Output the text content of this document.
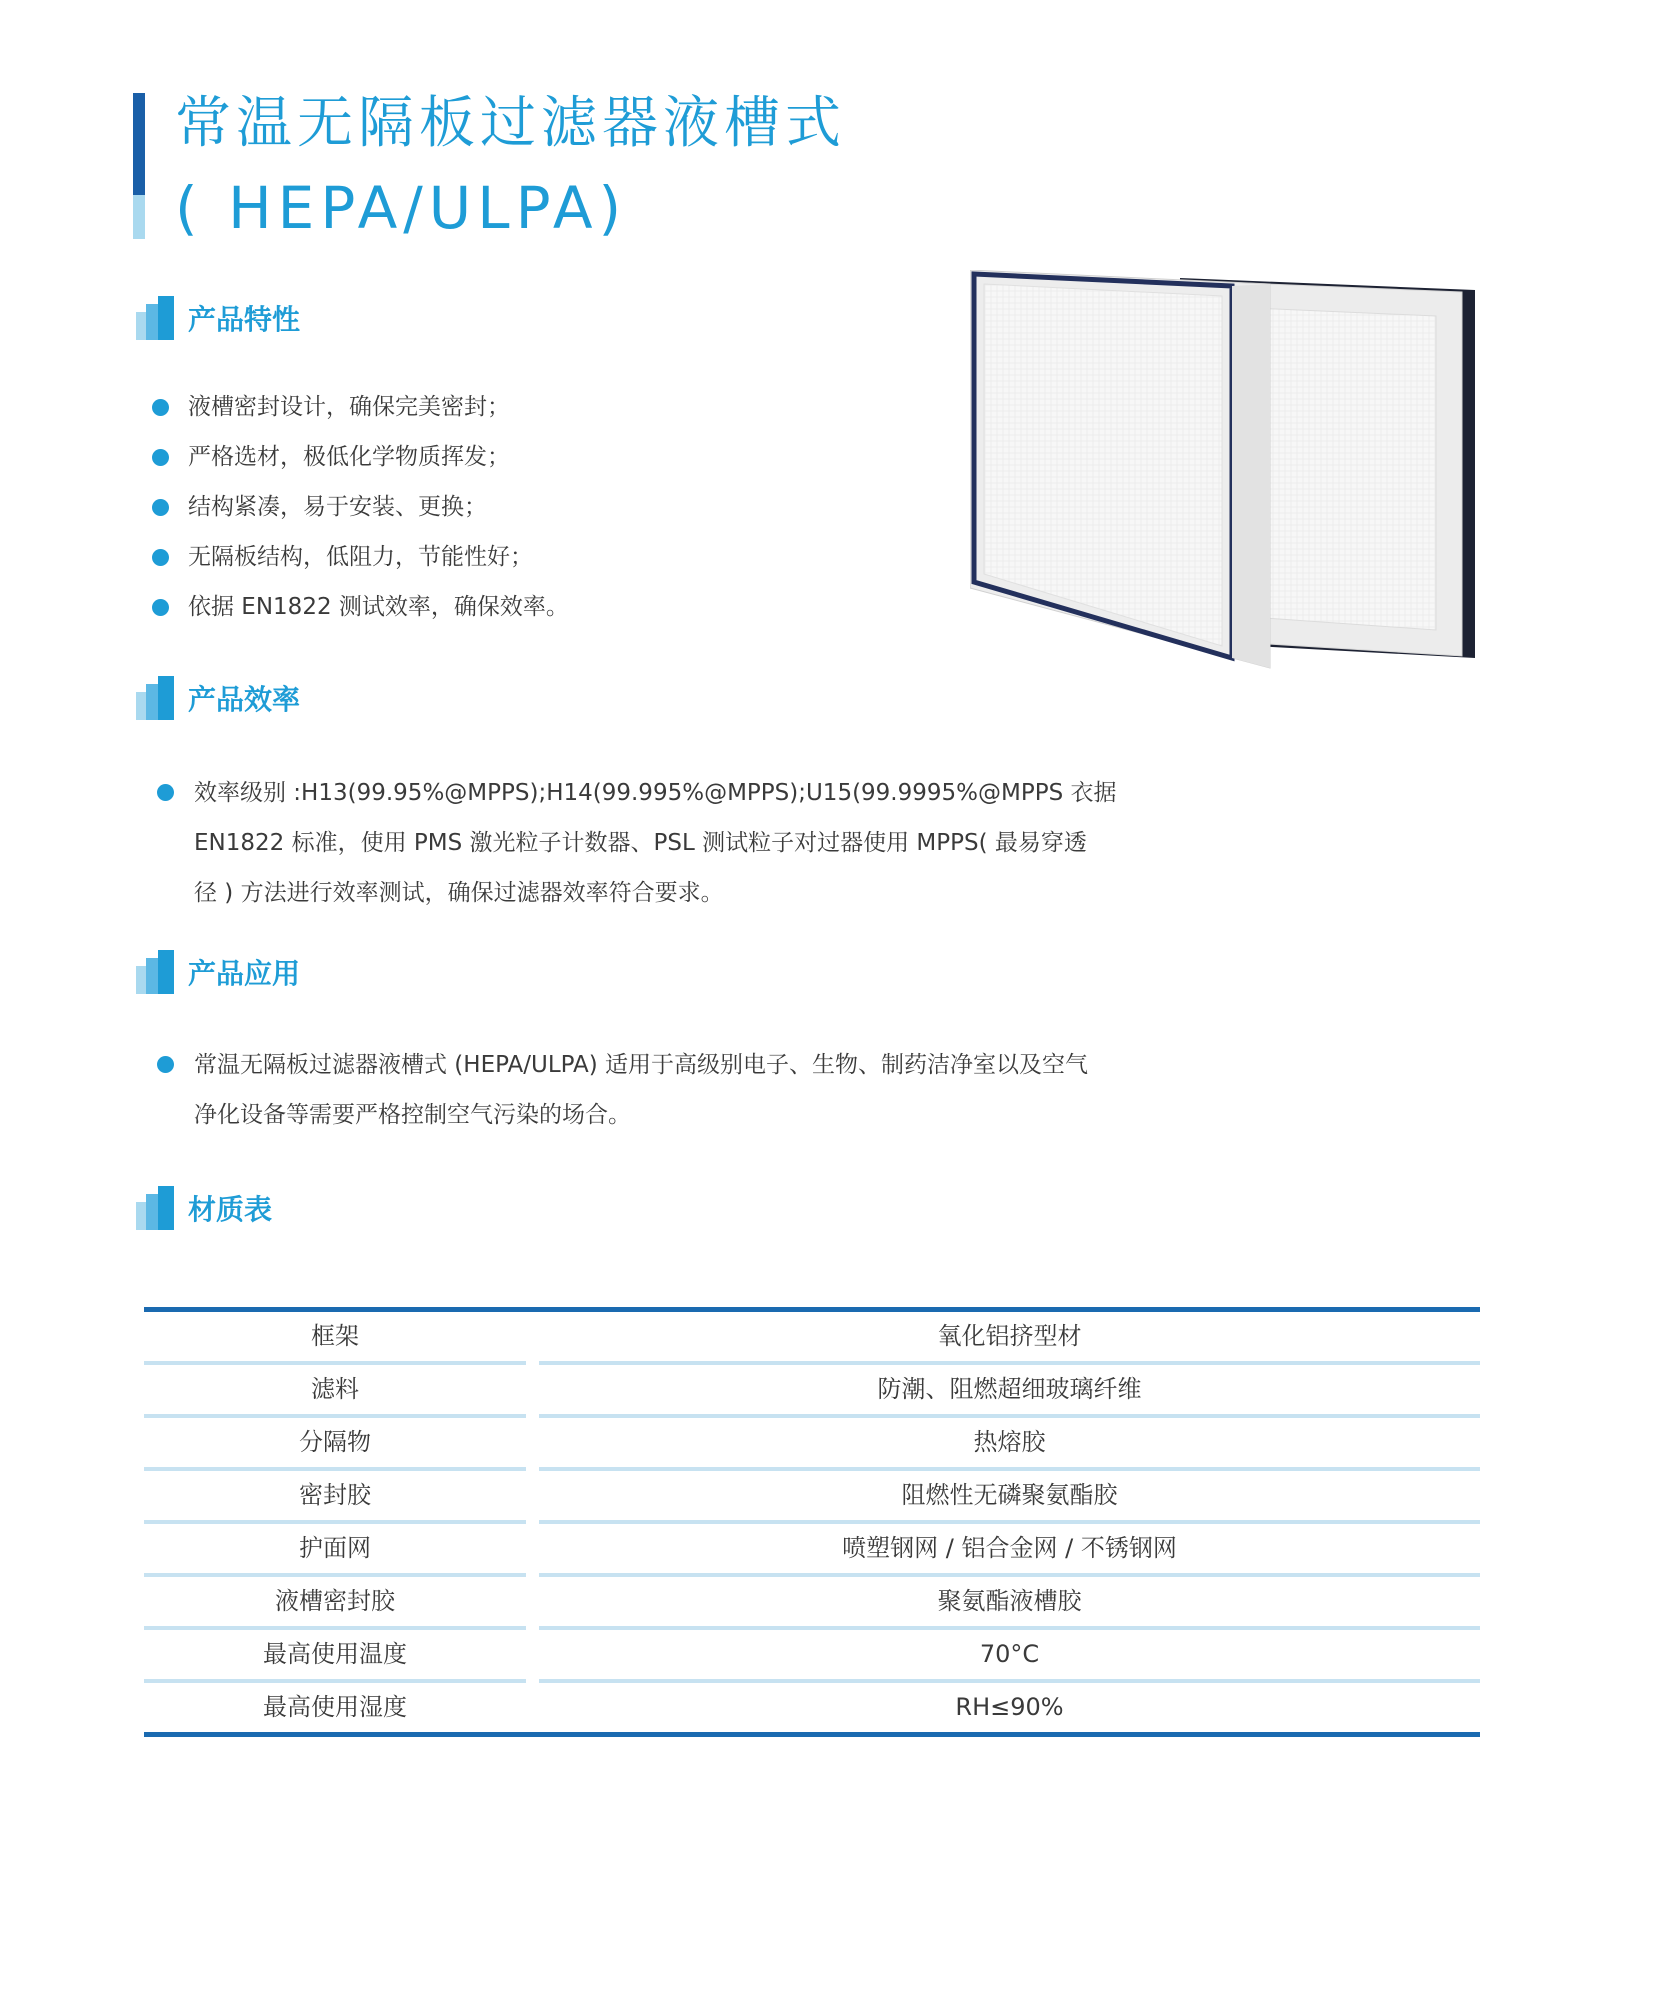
常温无隔板过滤器液槽式
( HEPA/ULPA)
产品特性
液槽密封设计，确保完美密封；
严格选材，极低化学物质挥发；
结构紧凑，易于安装、更换；
无隔板结构，低阻力，节能性好；
依据 EN1822 测试效率，确保效率。
产品效率
效率级别 :H13(99.95%@MPPS);H14(99.995%@MPPS);U15(99.9995%@MPPS 衣据
EN1822 标准，使用 PMS 激光粒子计数器、PSL 测试粒子对过器使用 MPPS( 最易穿透
径 ) 方法进行效率测试，确保过滤器效率符合要求。
产品应用
常温无隔板过滤器液槽式 (HEPA/ULPA) 适用于高级别电子、生物、制药洁净室以及空气
净化设备等需要严格控制空气污染的场合。
材质表
框架	氧化铝挤型材
滤料	防潮、阻燃超细玻璃纤维
分隔物	热熔胶
密封胶	阻燃性无磷聚氨酯胶
护面网	喷塑钢网 / 铝合金网 / 不锈钢网
液槽密封胶	聚氨酯液槽胶
最高使用温度	70°C
最高使用湿度	RH≤90%
